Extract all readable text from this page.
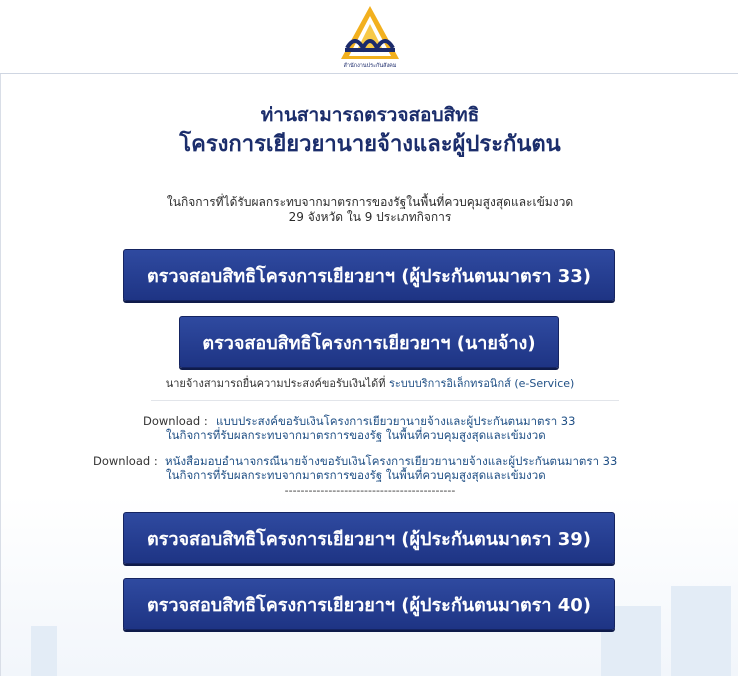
สำนักงานประกันสังคม
ท่านสามารถตรวจสอบสิทธิ
โครงการเยียวยานายจ้างและผู้ประกันตน
ในกิจการที่ได้รับผลกระทบจากมาตรการของรัฐในพื้นที่ควบคุมสูงสุดและเข้มงวด
29 จังหวัด ใน 9 ประเภทกิจการ
ตรวจสอบสิทธิโครงการเยียวยาฯ (ผู้ประกันตนมาตรา 33)
ตรวจสอบสิทธิโครงการเยียวยาฯ (นายจ้าง)
นายจ้างสามารถยื่นความประสงค์ขอรับเงินได้ที่ ระบบบริการอิเล็กทรอนิกส์ (e-Service)
Download : แบบประสงค์ขอรับเงินโครงการเยียวยานายจ้างและผู้ประกันตนมาตรา 33
ในกิจการที่รับผลกระทบจากมาตรการของรัฐ ในพื้นที่ควบคุมสูงสุดและเข้มงวด
Download : หนังสือมอบอำนาจกรณีนายจ้างขอรับเงินโครงการเยียวยานายจ้างและผู้ประกันตนมาตรา 33
ในกิจการที่รับผลกระทบจากมาตรการของรัฐ ในพื้นที่ควบคุมสูงสุดและเข้มงวด
-------------------------------------------
ตรวจสอบสิทธิโครงการเยียวยาฯ (ผู้ประกันตนมาตรา 39)
ตรวจสอบสิทธิโครงการเยียวยาฯ (ผู้ประกันตนมาตรา 40)
